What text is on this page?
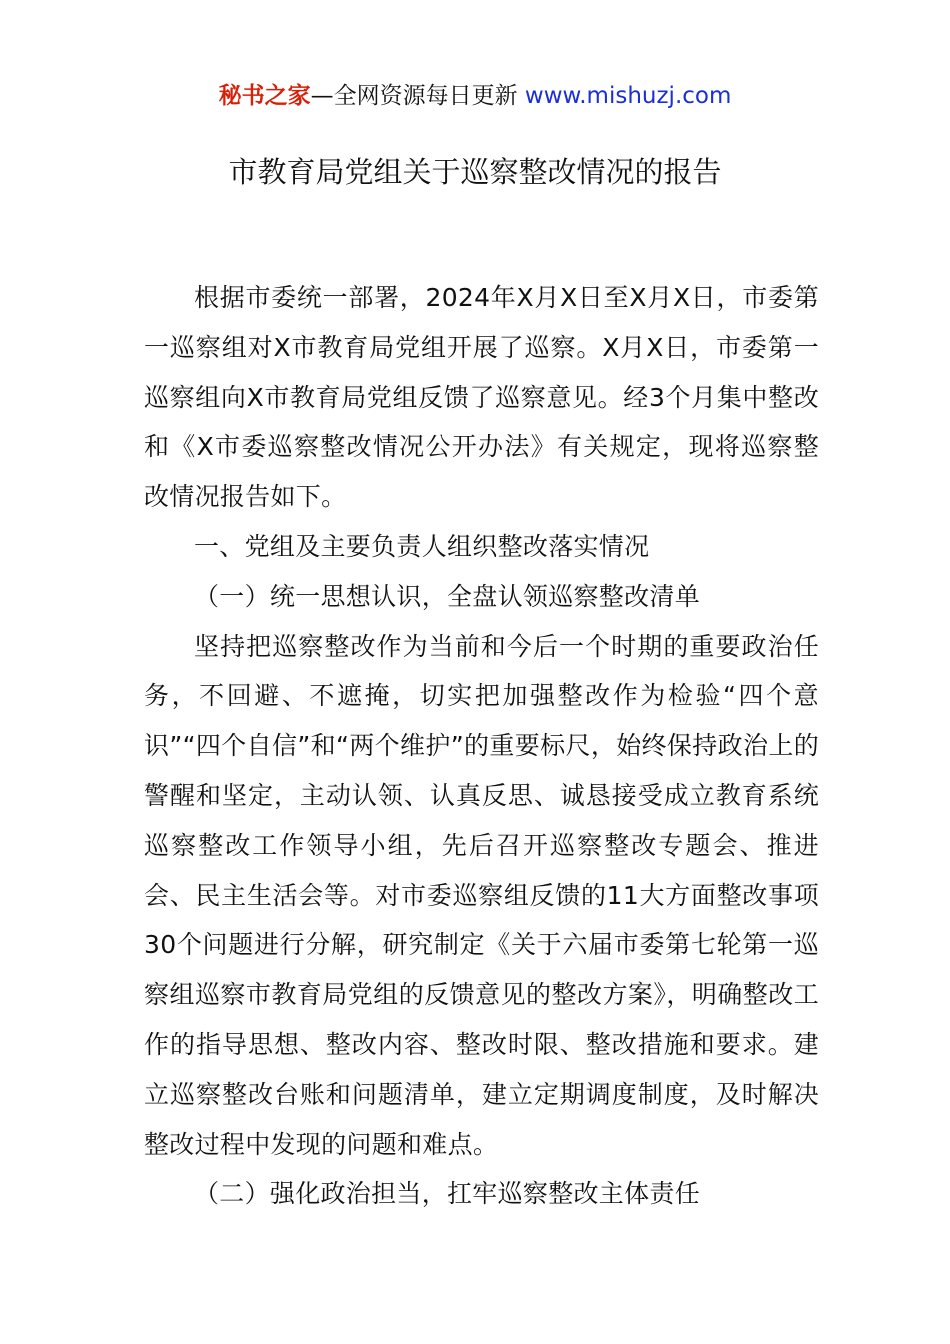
秘书之家—全网资源每日更新 www.mishuzj.com
市教育局党组关于巡察整改情况的报告

根据市委统一部署，2024年X月X日至X月X日，市委第一巡察组对X市教育局党组开展了巡察。X月X日，市委第一巡察组向X市教育局党组反馈了巡察意见。经3个月集中整改和《X市委巡察整改情况公开办法》有关规定，现将巡察整改情况报告如下。

一、党组及主要负责人组织整改落实情况

（一）统一思想认识，全盘认领巡察整改清单

坚持把巡察整改作为当前和今后一个时期的重要政治任务，不回避、不遮掩，切实把加强整改作为检验“四个意识”“四个自信”和“两个维护”的重要标尺，始终保持政治上的警醒和坚定，主动认领、认真反思、诚恳接受成立教育系统巡察整改工作领导小组，先后召开巡察整改专题会、推进会、民主生活会等。对市委巡察组反馈的11大方面整改事项30个问题进行分解，研究制定《关于六届市委第七轮第一巡察组巡察市教育局党组的反馈意见的整改方案》，明确整改工作的指导思想、整改内容、整改时限、整改措施和要求。建立巡察整改台账和问题清单，建立定期调度制度，及时解决整改过程中发现的问题和难点。

（二）强化政治担当，扛牢巡察整改主体责任
